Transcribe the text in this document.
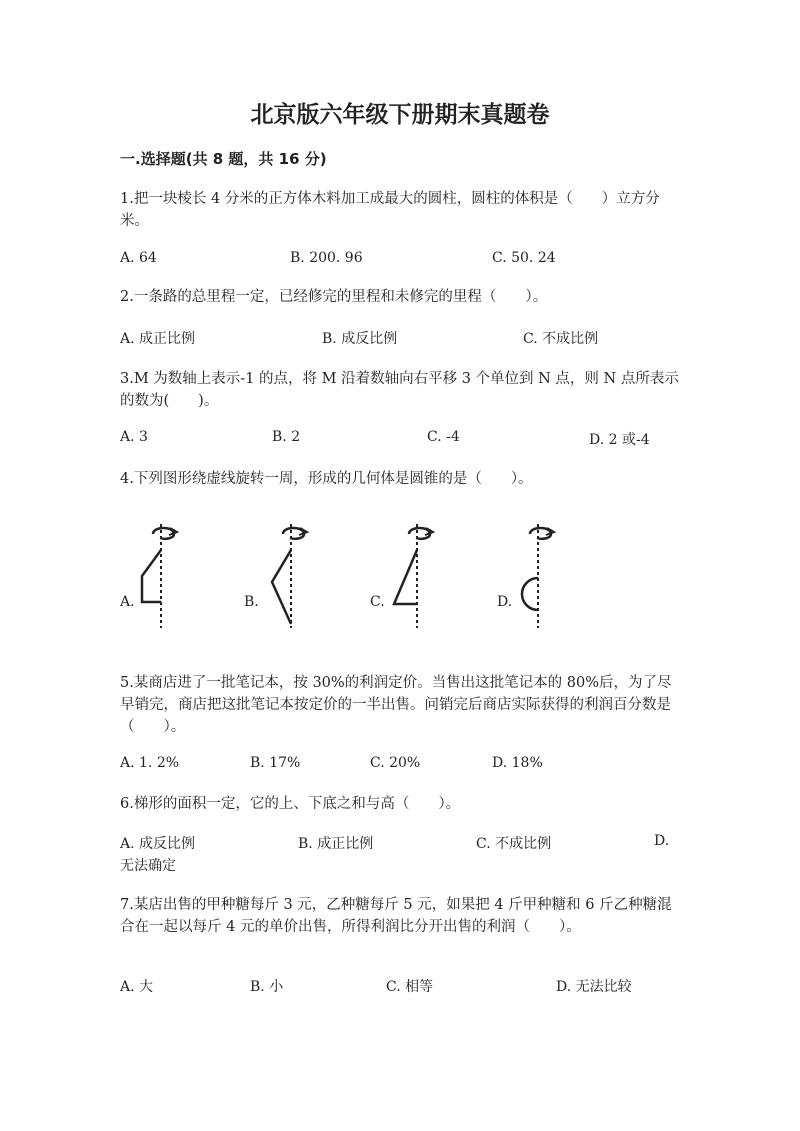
北京版六年级下册期末真题卷
一.选择题(共 8 题，共 16 分)
1.把一块棱长 4 分米的正方体木料加工成最大的圆柱，圆柱的体积是（　　）立方分米。
A. 64	B. 200. 96	C. 50. 24
2.一条路的总里程一定，已经修完的里程和未修完的里程（　　）。
A. 成正比例	B. 成反比例	C. 不成比例
3.M 为数轴上表示-1 的点，将 M 沿着数轴向右平移 3 个单位到 N 点，则 N 点所表示的数为(　　)。
A. 3	B. 2	C. -4	D. 2 或-4
4.下列图形绕虚线旋转一周，形成的几何体是圆锥的是（　　）。
A.	B.	C.	D.
5.某商店进了一批笔记本，按 30%的利润定价。当售出这批笔记本的 80%后，为了尽早销完，商店把这批笔记本按定价的一半出售。问销完后商店实际获得的利润百分数是（　　）。
A. 1. 2%	B. 17%	C. 20%	D. 18%
6.梯形的面积一定，它的上、下底之和与高（　　）。
A. 成反比例	B. 成正比例	C. 不成比例	D.
无法确定
7.某店出售的甲种糖每斤 3 元，乙种糖每斤 5 元，如果把 4 斤甲种糖和 6 斤乙种糖混合在一起以每斤 4 元的单价出售，所得利润比分开出售的利润（　　）。
A. 大	B. 小	C. 相等	D. 无法比较
